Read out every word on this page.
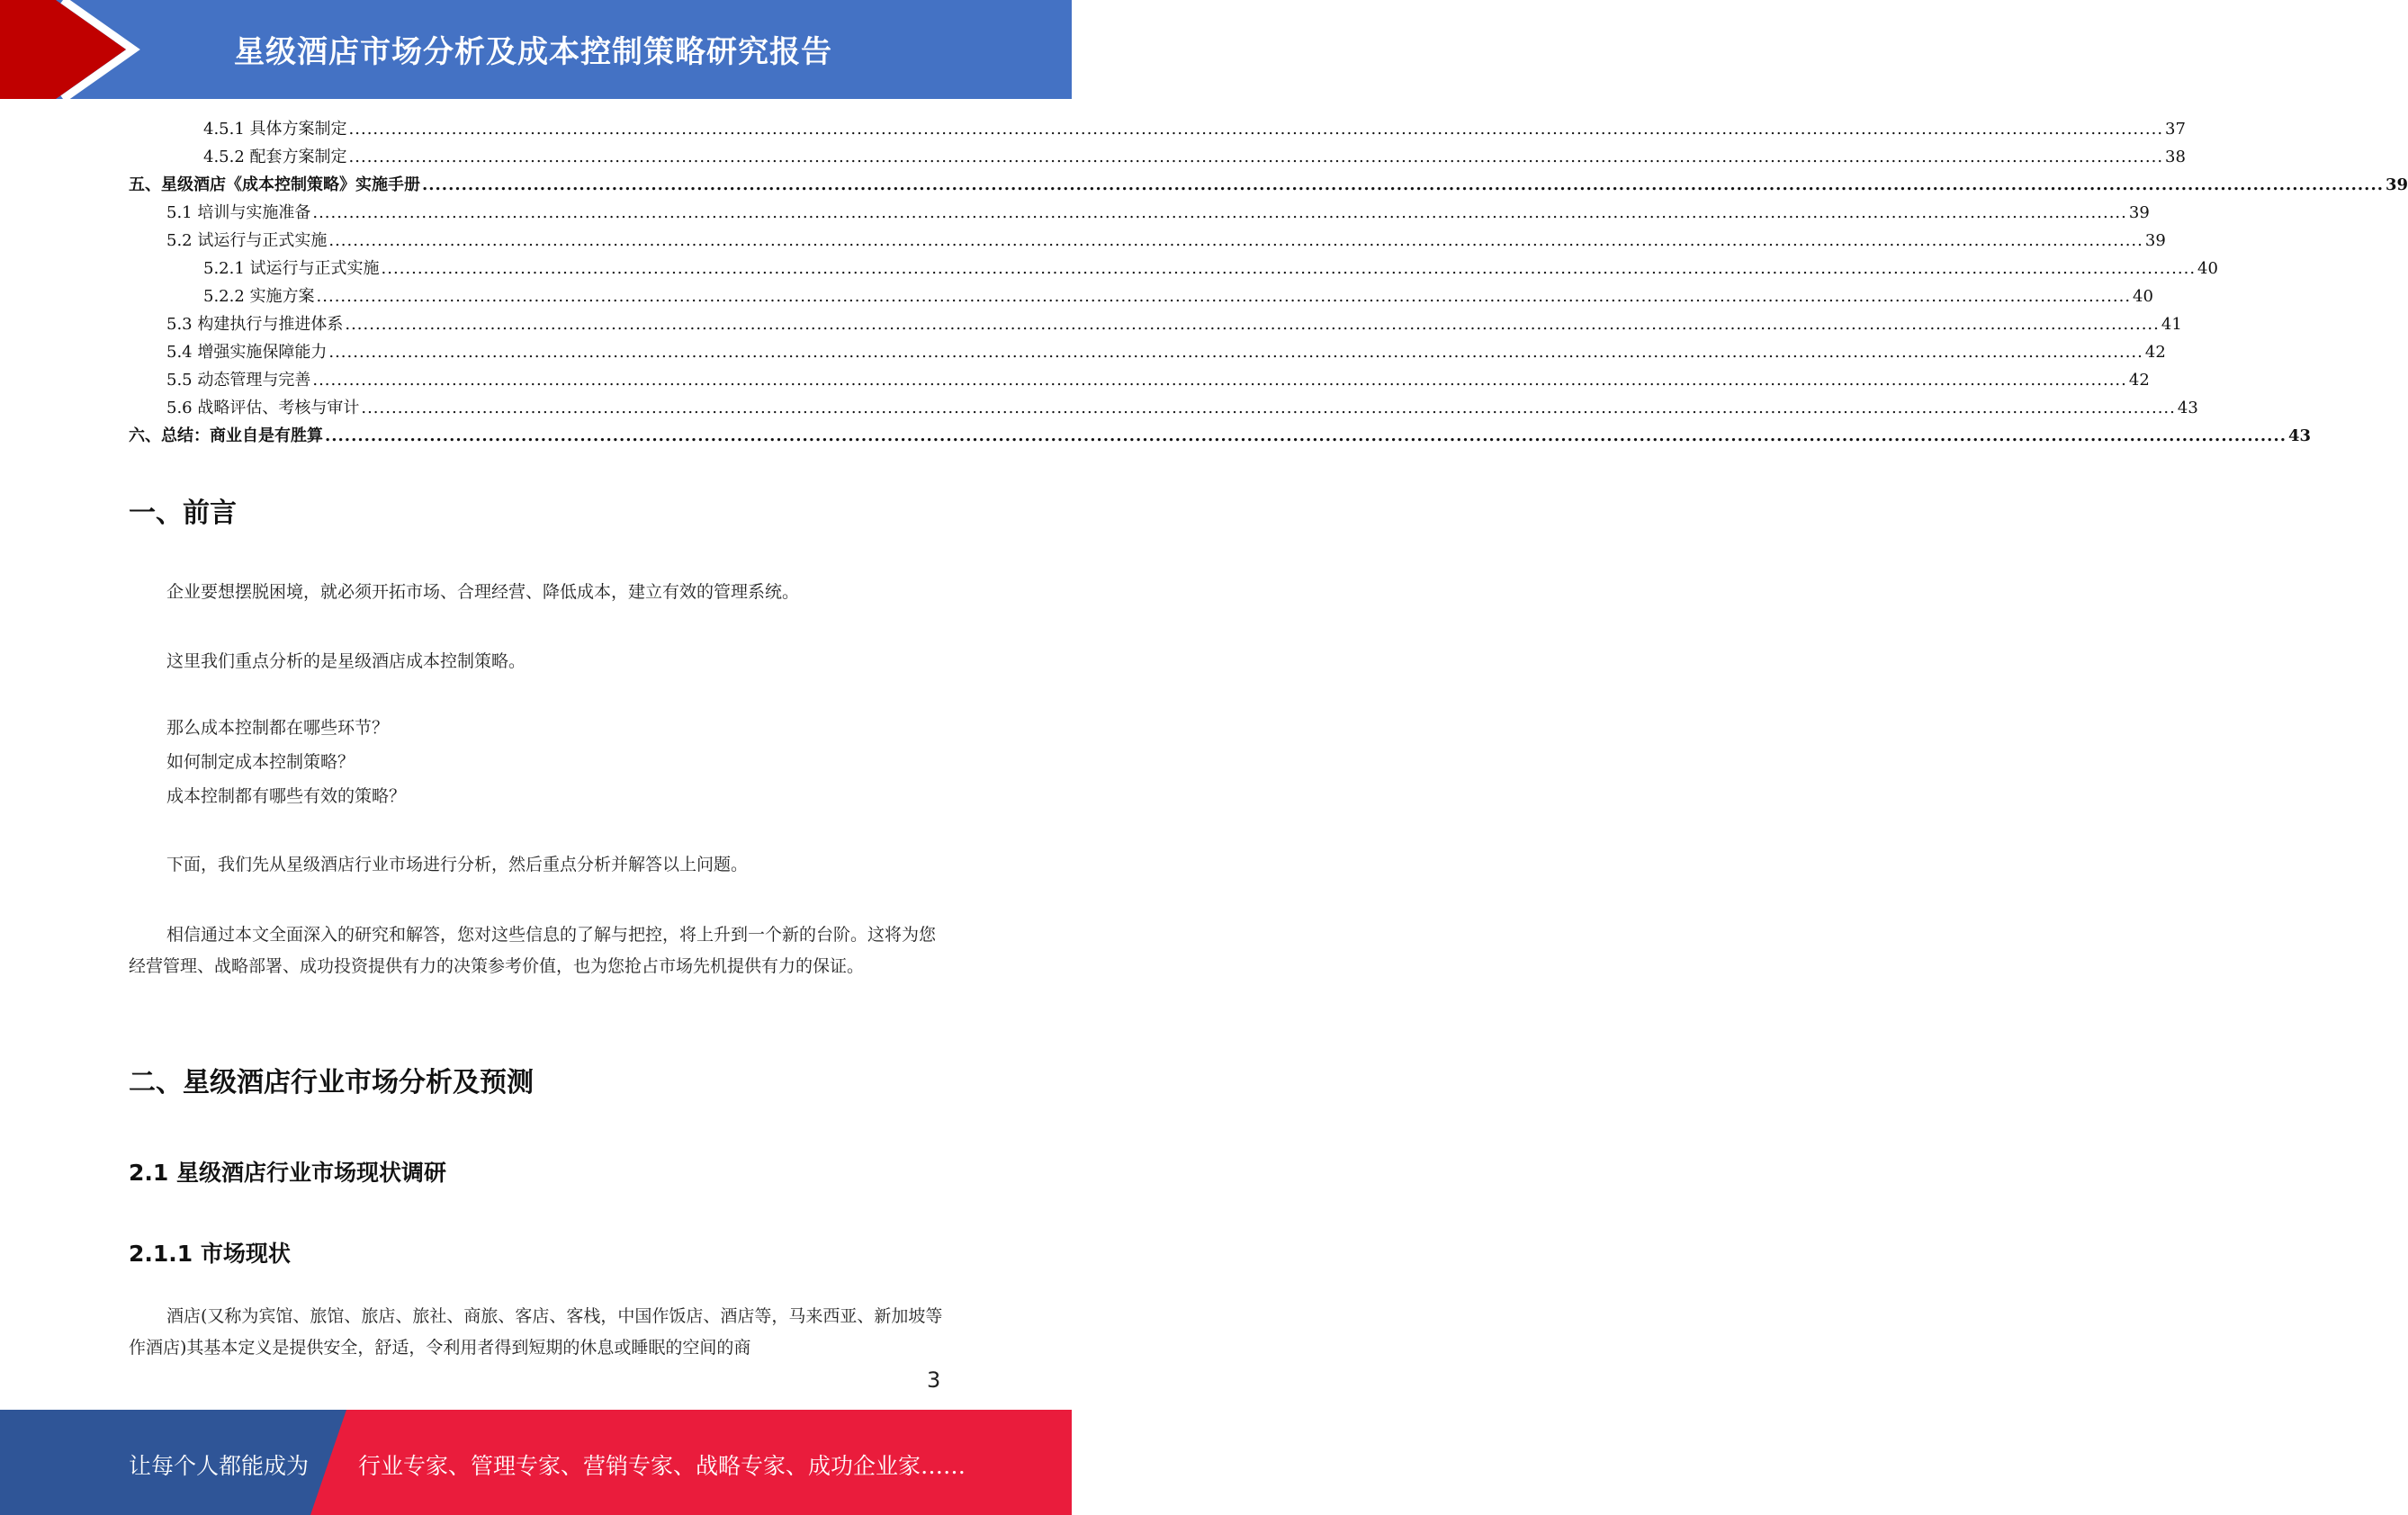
星级酒店市场分析及成本控制策略研究报告
4.5.1 具体方案制定 ............................................................................................................................................................................................................................................................................................................ 37
4.5.2 配套方案制定 ............................................................................................................................................................................................................................................................................................................ 38
五、星级酒店《成本控制策略》实施手册 ............................................................................................................................................................................................................................................................................................................ 39
5.1 培训与实施准备 ............................................................................................................................................................................................................................................................................................................ 39
5.2 试运行与正式实施 ............................................................................................................................................................................................................................................................................................................ 39
5.2.1 试运行与正式实施 ............................................................................................................................................................................................................................................................................................................ 40
5.2.2 实施方案 ............................................................................................................................................................................................................................................................................................................ 40
5.3 构建执行与推进体系 ............................................................................................................................................................................................................................................................................................................ 41
5.4 增强实施保障能力 ............................................................................................................................................................................................................................................................................................................ 42
5.5 动态管理与完善 ............................................................................................................................................................................................................................................................................................................ 42
5.6 战略评估、考核与审计 ............................................................................................................................................................................................................................................................................................................ 43
六、总结：商业自是有胜算 ............................................................................................................................................................................................................................................................................................................ 43
一、前言
企业要想摆脱困境，就必须开拓市场、合理经营、降低成本，建立有效的管理系统。
这里我们重点分析的是星级酒店成本控制策略。
那么成本控制都在哪些环节？
如何制定成本控制策略？
成本控制都有哪些有效的策略？
下面，我们先从星级酒店行业市场进行分析，然后重点分析并解答以上问题。
相信通过本文全面深入的研究和解答，您对这些信息的了解与把控，将上升到一个新的台阶。这将为您经营管理、战略部署、成功投资提供有力的决策参考价值，也为您抢占市场先机提供有力的保证。
二、星级酒店行业市场分析及预测
2.1 星级酒店行业市场现状调研
2.1.1 市场现状
酒店(又称为宾馆、旅馆、旅店、旅社、商旅、客店、客栈，中国作饭店、酒店等，马来西亚、新加坡等作酒店)其基本定义是提供安全，舒适，令利用者得到短期的休息或睡眠的空间的商
3
让每个人都能成为 行业专家、管理专家、营销专家、战略专家、成功企业家……
